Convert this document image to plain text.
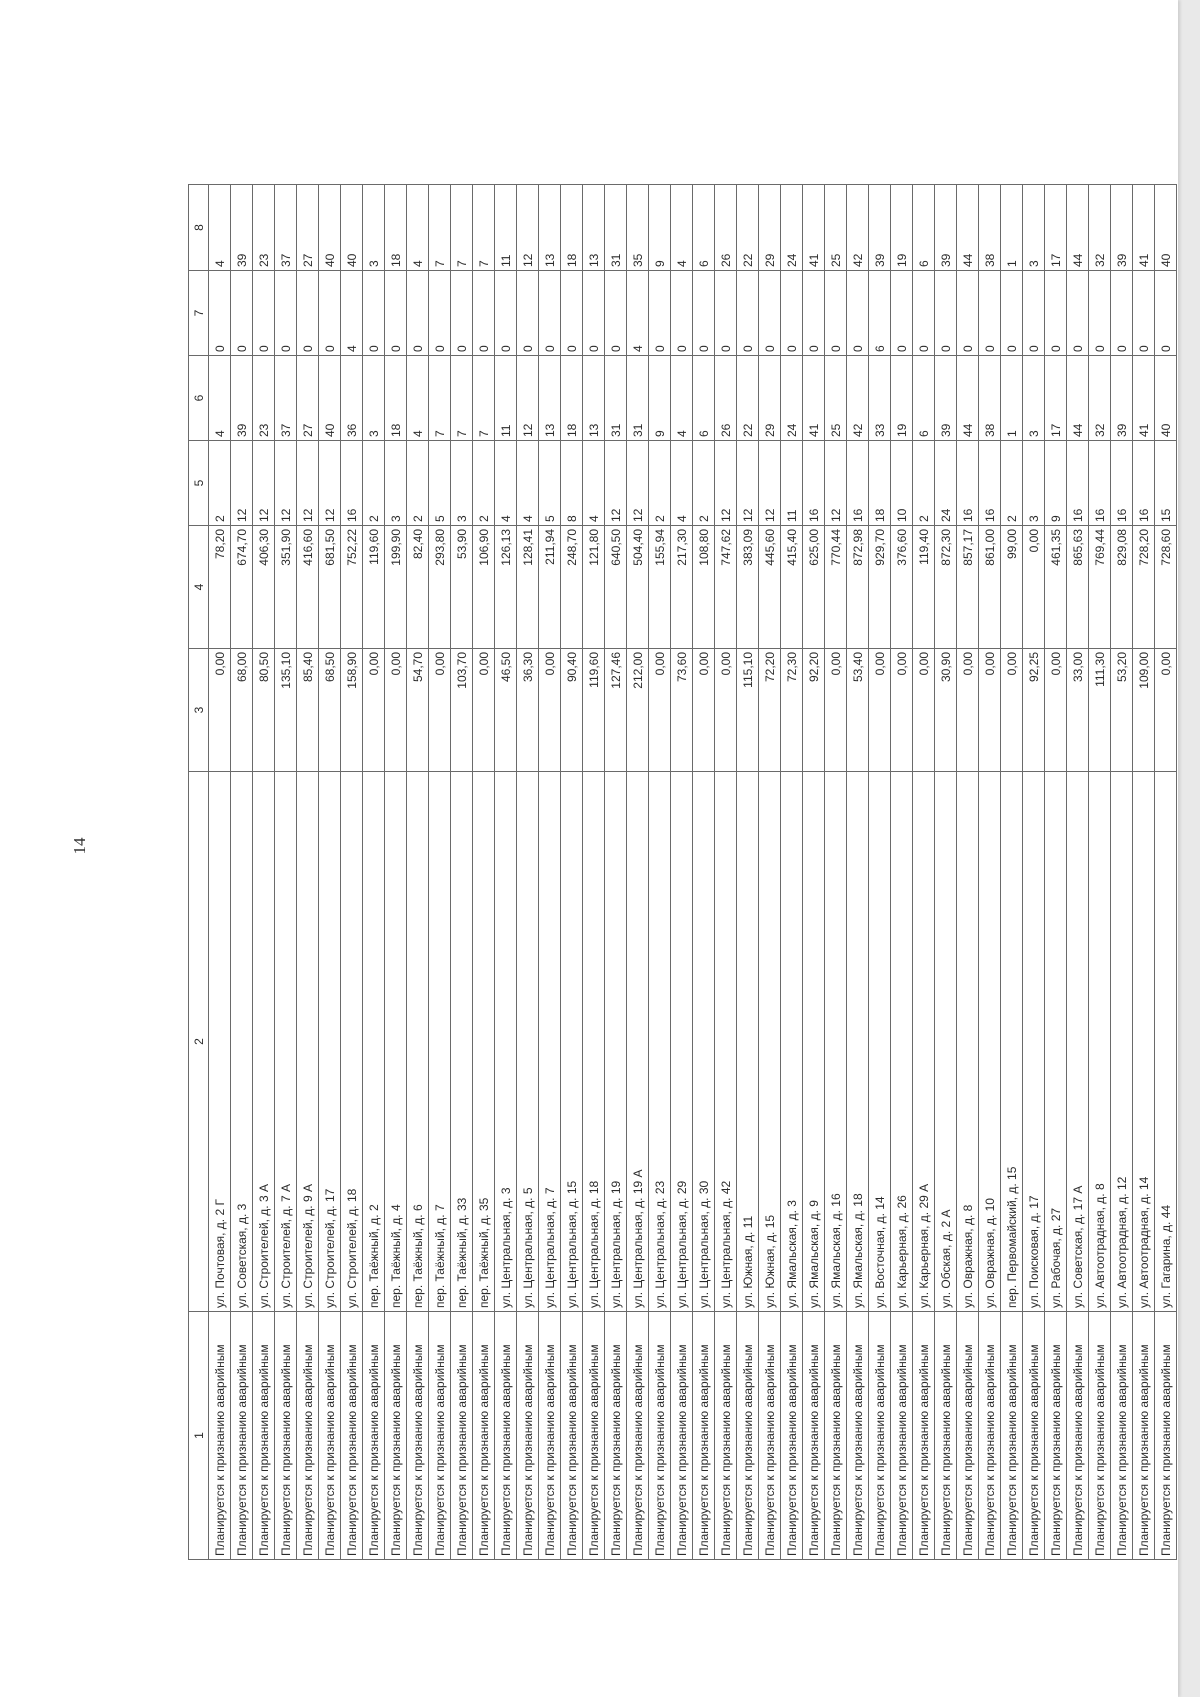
14
1	2	3	4	5	6	7	8
Планируется к признанию аварийным	ул. Почтовая, д. 2 Г	0,00	78,20	2	4	0	4
Планируется к признанию аварийным	ул. Советская, д. 3	68,00	674,70	12	39	0	39
Планируется к признанию аварийным	ул. Строителей, д. 3 А	80,50	406,30	12	23	0	23
Планируется к признанию аварийным	ул. Строителей, д. 7 А	135,10	351,90	12	37	0	37
Планируется к признанию аварийным	ул. Строителей, д. 9 А	85,40	416,60	12	27	0	27
Планируется к признанию аварийным	ул. Строителей, д. 17	68,50	681,50	12	40	0	40
Планируется к признанию аварийным	ул. Строителей, д. 18	158,90	752,22	16	36	4	40
Планируется к признанию аварийным	пер. Таёжный, д. 2	0,00	119,60	2	3	0	3
Планируется к признанию аварийным	пер. Таёжный, д. 4	0,00	199,90	3	18	0	18
Планируется к признанию аварийным	пер. Таёжный, д. 6	54,70	82,40	2	4	0	4
Планируется к признанию аварийным	пер. Таёжный, д. 7	0,00	293,80	5	7	0	7
Планируется к признанию аварийным	пер. Таёжный, д. 33	103,70	53,90	3	7	0	7
Планируется к признанию аварийным	пер. Таёжный, д. 35	0,00	106,90	2	7	0	7
Планируется к признанию аварийным	ул. Центральная, д. 3	46,50	126,13	4	11	0	11
Планируется к признанию аварийным	ул. Центральная, д. 5	36,30	128,41	4	12	0	12
Планируется к признанию аварийным	ул. Центральная, д. 7	0,00	211,94	5	13	0	13
Планируется к признанию аварийным	ул. Центральная, д. 15	90,40	248,70	8	18	0	18
Планируется к признанию аварийным	ул. Центральная, д. 18	119,60	121,80	4	13	0	13
Планируется к признанию аварийным	ул. Центральная, д. 19	127,46	640,50	12	31	0	31
Планируется к признанию аварийным	ул. Центральная, д. 19 А	212,00	504,40	12	31	4	35
Планируется к признанию аварийным	ул. Центральная, д. 23	0,00	155,94	2	9	0	9
Планируется к признанию аварийным	ул. Центральная, д. 29	73,60	217,30	4	4	0	4
Планируется к признанию аварийным	ул. Центральная, д. 30	0,00	108,80	2	6	0	6
Планируется к признанию аварийным	ул. Центральная, д. 42	0,00	747,62	12	26	0	26
Планируется к признанию аварийным	ул. Южная, д. 11	115,10	383,09	12	22	0	22
Планируется к признанию аварийным	ул. Южная, д. 15	72,20	445,60	12	29	0	29
Планируется к признанию аварийным	ул. Ямальская, д. 3	72,30	415,40	11	24	0	24
Планируется к признанию аварийным	ул. Ямальская, д. 9	92,20	625,00	16	41	0	41
Планируется к признанию аварийным	ул. Ямальская, д. 16	0,00	770,44	12	25	0	25
Планируется к признанию аварийным	ул. Ямальская, д. 18	53,40	872,98	16	42	0	42
Планируется к признанию аварийным	ул. Восточная, д. 14	0,00	929,70	18	33	6	39
Планируется к признанию аварийным	ул. Карьерная, д. 26	0,00	376,60	10	19	0	19
Планируется к признанию аварийным	ул. Карьерная, д. 29 А	0,00	119,40	2	6	0	6
Планируется к признанию аварийным	ул. Обская, д. 2 А	30,90	872,30	24	39	0	39
Планируется к признанию аварийным	ул. Овражная, д. 8	0,00	857,17	16	44	0	44
Планируется к признанию аварийным	ул. Овражная, д. 10	0,00	861,00	16	38	0	38
Планируется к признанию аварийным	пер. Первомайский, д. 15	0,00	99,00	2	1	0	1
Планируется к признанию аварийным	ул. Поисковая, д. 17	92,25	0,00	3	3	0	3
Планируется к признанию аварийным	ул. Рабочая, д. 27	0,00	461,35	9	17	0	17
Планируется к признанию аварийным	ул. Советская, д. 17 А	33,00	865,63	16	44	0	44
Планируется к признанию аварийным	ул. Автоотрадная, д. 8	111,30	769,44	16	32	0	32
Планируется к признанию аварийным	ул. Автоотрадная, д. 12	53,20	829,08	16	39	0	39
Планируется к признанию аварийным	ул. Автоотрадная, д. 14	109,00	728,20	16	41	0	41
Планируется к признанию аварийным	ул. Гагарина, д. 44	0,00	728,60	15	40	0	40
